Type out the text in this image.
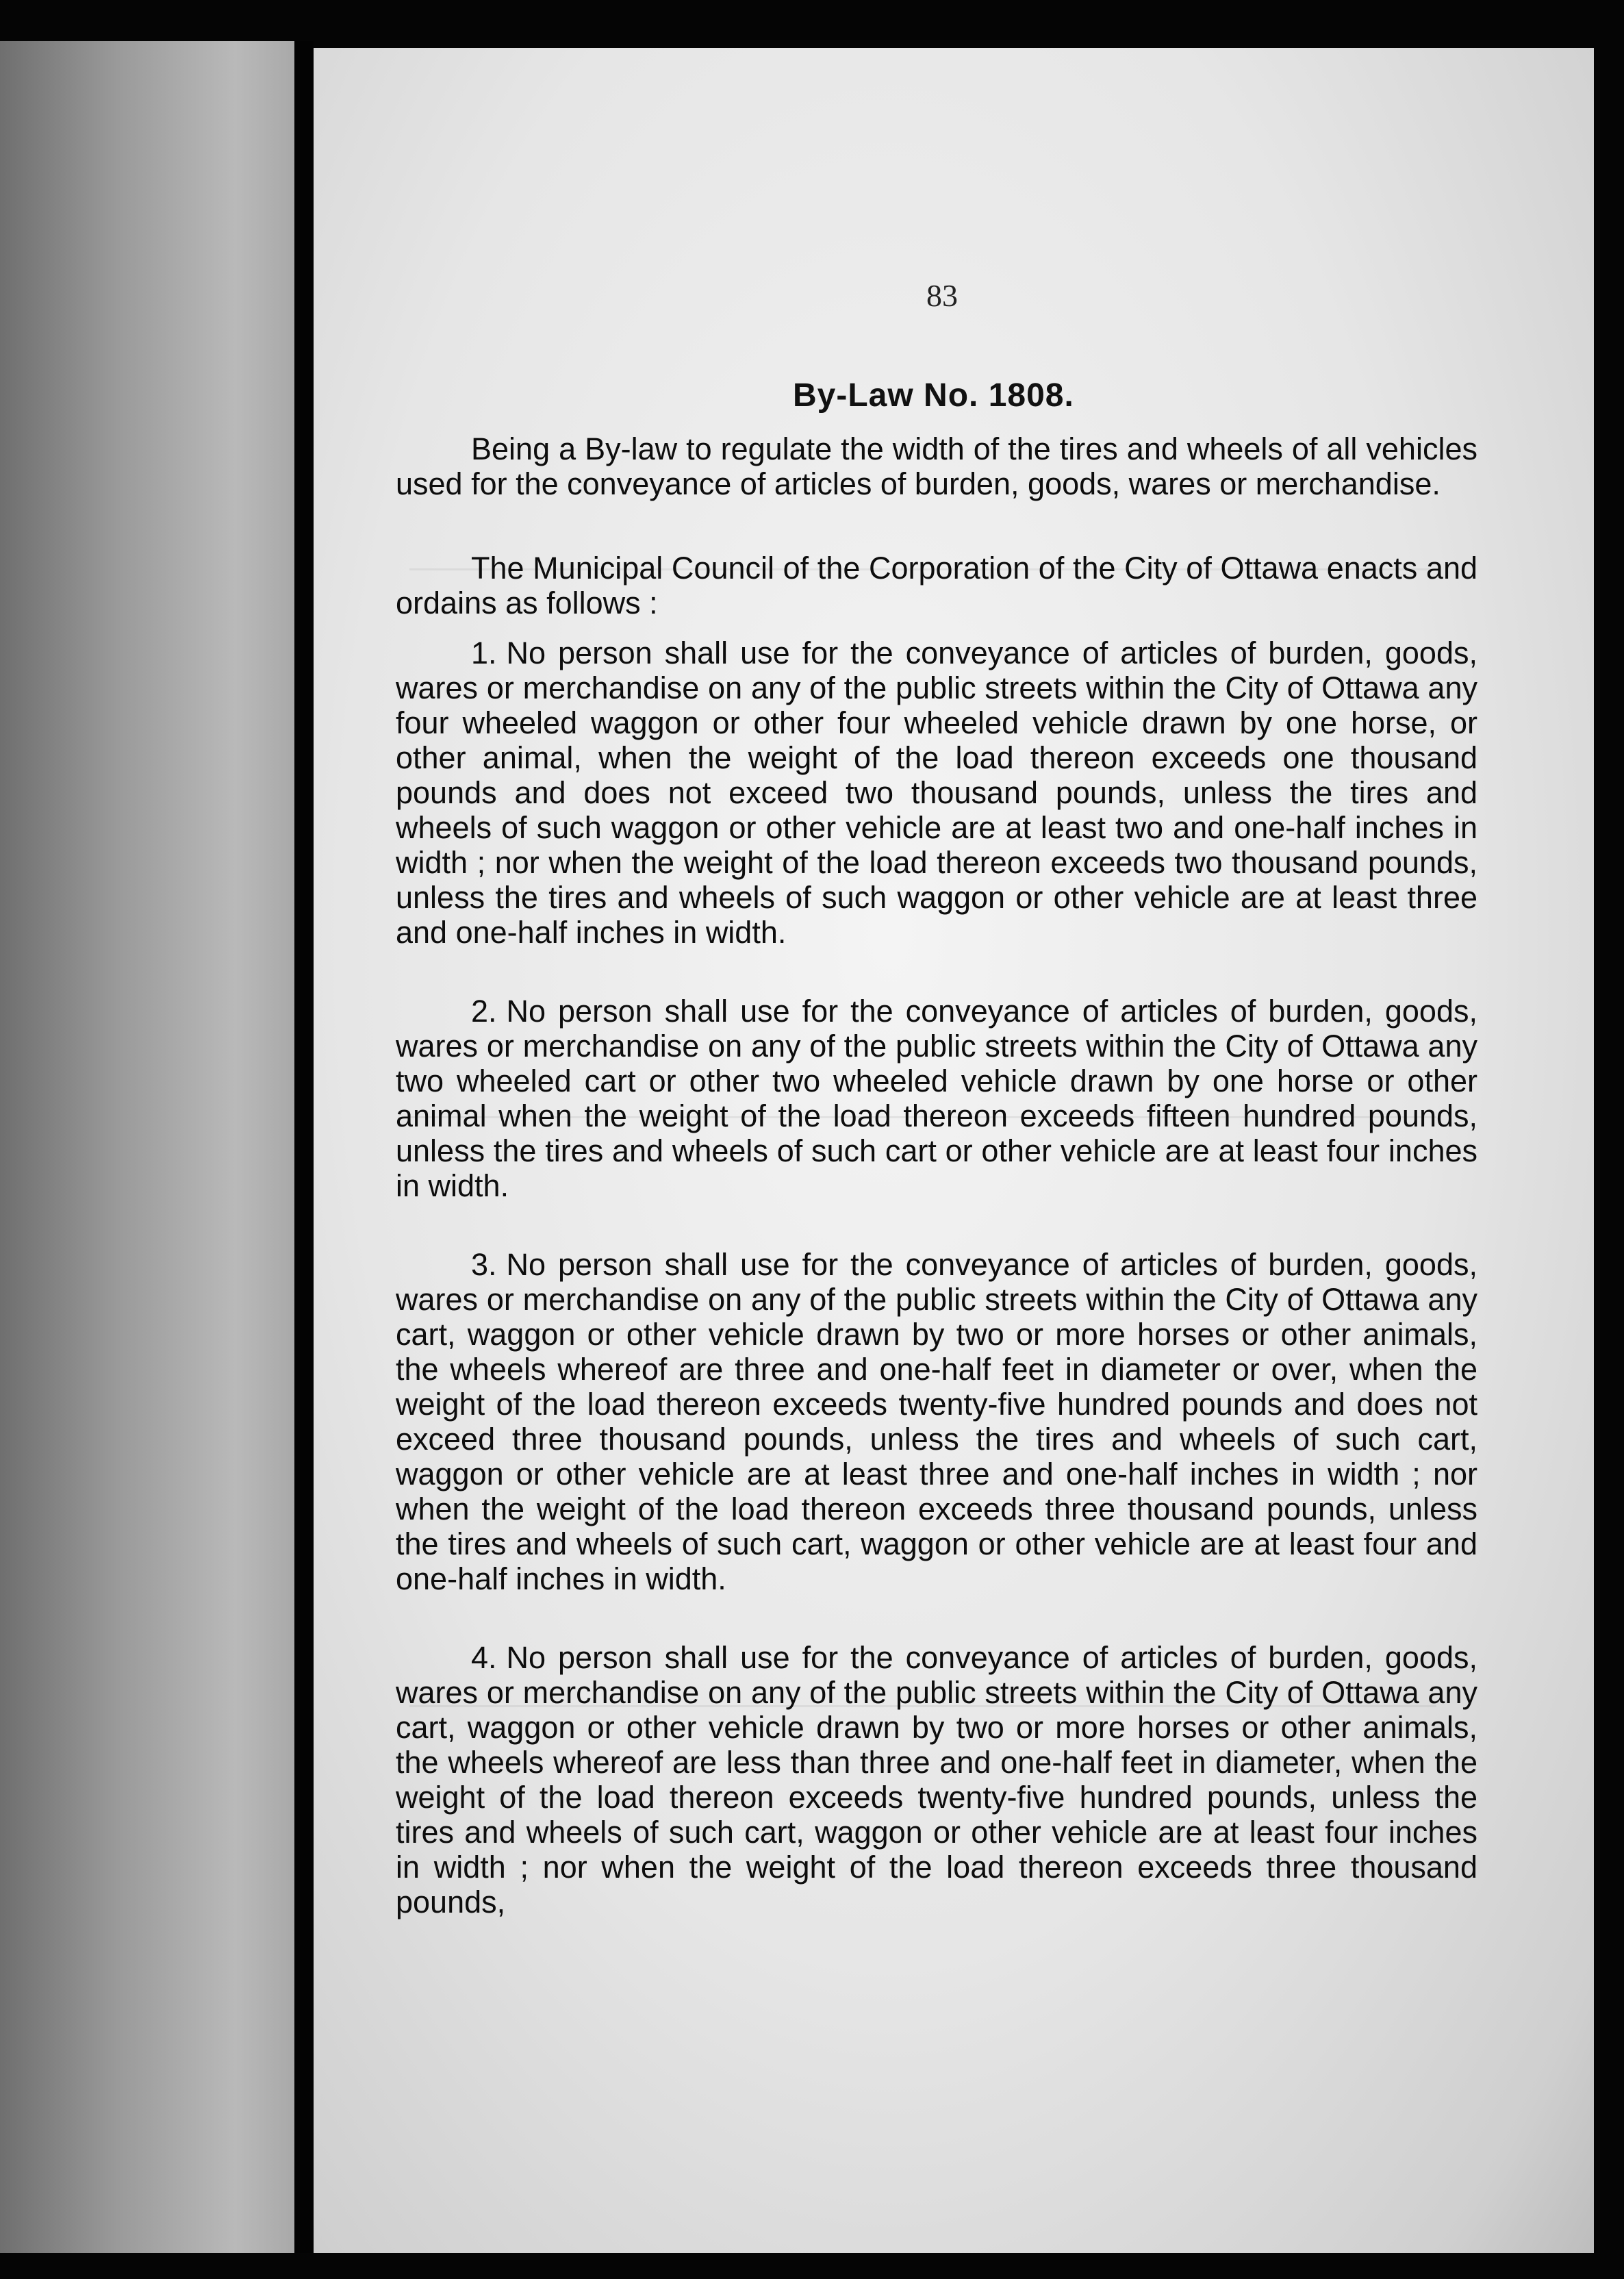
83
By-Law No. 1808.

Being a By-law to regulate the width of the tires and wheels of all vehicles used for the conveyance of articles of burden, goods, wares or merchandise.

The Municipal Council of the Corporation of the City of Ottawa enacts and ordains as follows :

1. No person shall use for the conveyance of articles of burden, goods, wares or merchandise on any of the public streets within the City of Ottawa any four wheeled waggon or other four wheeled vehicle drawn by one horse, or other animal, when the weight of the load thereon exceeds one thousand pounds and does not exceed two thousand pounds, unless the tires and wheels of such waggon or other vehicle are at least two and one-half inches in width ; nor when the weight of the load thereon exceeds two thousand pounds, unless the tires and wheels of such waggon or other vehicle are at least three and one-half inches in width.

2. No person shall use for the conveyance of articles of burden, goods, wares or merchandise on any of the public streets within the City of Ottawa any two wheeled cart or other two wheeled vehicle drawn by one horse or other animal when the weight of the load thereon exceeds fifteen hundred pounds, unless the tires and wheels of such cart or other vehicle are at least four inches in width.

3. No person shall use for the conveyance of articles of burden, goods, wares or merchandise on any of the public streets within the City of Ottawa any cart, waggon or other vehicle drawn by two or more horses or other animals, the wheels whereof are three and one-half feet in diameter or over, when the weight of the load thereon exceeds twenty-five hundred pounds and does not exceed three thousand pounds, unless the tires and wheels of such cart, waggon or other vehicle are at least three and one-half inches in width ; nor when the weight of the load thereon exceeds three thousand pounds, unless the tires and wheels of such cart, waggon or other vehicle are at least four and one-half inches in width.

4. No person shall use for the conveyance of articles of burden, goods, wares or merchandise on any of the public streets within the City of Ottawa any cart, waggon or other vehicle drawn by two or more horses or other animals, the wheels whereof are less than three and one-half feet in diameter, when the weight of the load thereon exceeds twenty-five hundred pounds, unless the tires and wheels of such cart, waggon or other vehicle are at least four inches in width ; nor when the weight of the load thereon exceeds three thousand pounds,
